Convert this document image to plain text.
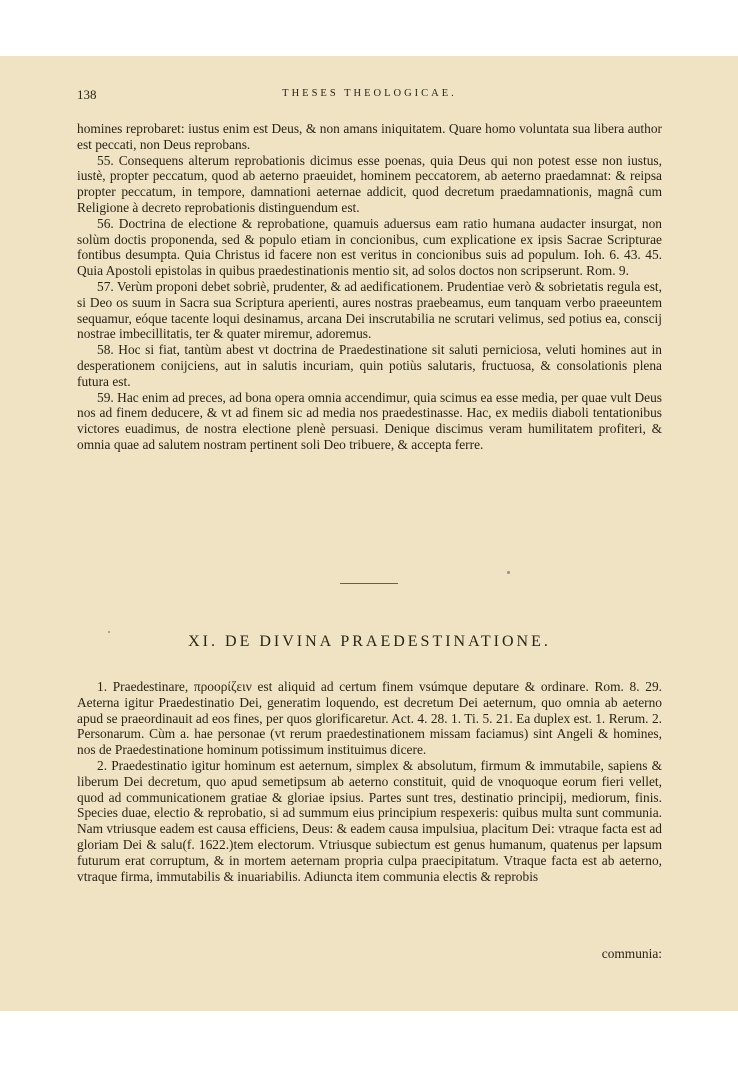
138	THESES THEOLOGICAE.

homines reprobaret: iustus enim est Deus, & non amans iniquitatem. Quare homo voluntata sua libera author est peccati, non Deus reprobans.

55. Consequens alterum reprobationis dicimus esse poenas, quia Deus qui non potest esse non iustus, iustè, propter peccatum, quod ab aeterno praeuidet, hominem peccatorem, ab aeterno praedamnat: & reipsa propter peccatum, in tempore, damnationi aeternae addicit, quod decretum praedamnationis, magnâ cum Religione à decreto reprobationis distinguendum est.

56. Doctrina de electione & reprobatione, quamuis aduersus eam ratio humana audacter insurgat, non solùm doctis proponenda, sed & populo etiam in concionibus, cum explicatione ex ipsis Sacrae Scripturae fontibus desumpta. Quia Christus id facere non est veritus in concionibus suis ad populum. Ioh. 6. 43. 45. Quia Apostoli epistolas in quibus praedestinationis mentio sit, ad solos doctos non scripserunt. Rom. 9.

57. Verùm proponi debet sobriè, prudenter, & ad aedificationem. Prudentiae verò & sobrietatis regula est, si Deo os suum in Sacra sua Scriptura aperienti, aures nostras praebeamus, eum tanquam verbo praeeuntem sequamur, eóque tacente loqui desinamus, arcana Dei inscrutabilia ne scrutari velimus, sed potius ea, conscij nostrae imbecillitatis, ter & quater miremur, adoremus.

58. Hoc si fiat, tantùm abest vt doctrina de Praedestinatione sit saluti perniciosa, veluti homines aut in desperationem conijciens, aut in salutis incuriam, quin potiùs salutaris, fructuosa, & consolationis plena futura est.

59. Hac enim ad preces, ad bona opera omnia accendimur, quia scimus ea esse media, per quae vult Deus nos ad finem deducere, & vt ad finem sic ad media nos praedestinasse. Hac, ex mediis diaboli tentationibus victores euadimus, de nostra electione plenè persuasi. Denique discimus veram humilitatem profiteri, & omnia quae ad salutem nostram pertinent soli Deo tribuere, & accepta ferre.

XI. DE DIVINA PRAEDESTINATIONE.

1. Praedestinare, προορίζειν est aliquid ad certum finem vsúmque deputare & ordinare. Rom. 8. 29. Aeterna igitur Praedestinatio Dei, generatim loquendo, est decretum Dei aeternum, quo omnia ab aeterno apud se praeordinauit ad eos fines, per quos glorificaretur. Act. 4. 28. 1. Ti. 5. 21. Ea duplex est. 1. Rerum. 2. Personarum. Cùm a. hae personae (vt rerum praedestinationem missam faciamus) sint Angeli & homines, nos de Praedestinatione hominum potissimum instituimus dicere.

2. Praedestinatio igitur hominum est aeternum, simplex & absolutum, firmum & immutabile, sapiens & liberum Dei decretum, quo apud semetipsum ab aeterno constituit, quid de vnoquoque eorum fieri vellet, quod ad communicationem gratiae & gloriae ipsius. Partes sunt tres, destinatio principij, mediorum, finis. Species duae, electio & reprobatio, si ad summum eius principium respexeris: quibus multa sunt communia. Nam vtriusque eadem est causa efficiens, Deus: & eadem causa impulsiua, placitum Dei: vtraque facta est ad gloriam Dei & salu(f. 1622.)tem electorum. Vtriusque subiectum est genus humanum, quatenus per lapsum futurum erat corruptum, & in mortem aeternam propria culpa praecipitatum. Vtraque facta est ab aeterno, vtraque firma, immutabilis & inuariabilis. Adiuncta item communia electis & reprobis

communia:
